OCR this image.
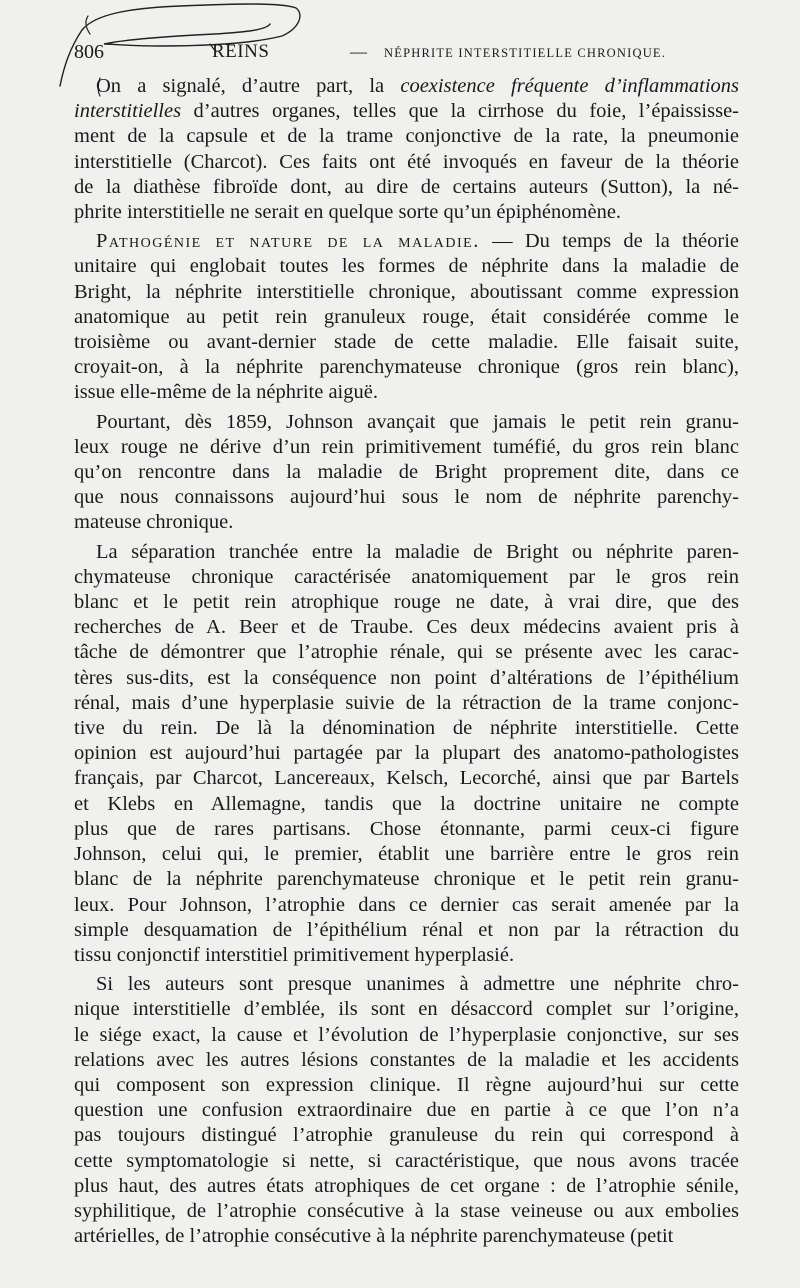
806	REINS	— NÉPHRITE INTERSTITIELLE CHRONIQUE.
On a signalé, d’autre part, la coexistence fréquente d’inflammations
interstitielles d’autres organes, telles que la cirrhose du foie, l’épaississe-
ment de la capsule et de la trame conjonctive de la rate, la pneumonie
interstitielle (Charcot). Ces faits ont été invoqués en faveur de la théorie
de la diathèse fibroïde dont, au dire de certains auteurs (Sutton), la né-
phrite interstitielle ne serait en quelque sorte qu’un épiphénomène.
Pathogénie et nature de la maladie. — Du temps de la théorie
unitaire qui englobait toutes les formes de néphrite dans la maladie de
Bright, la néphrite interstitielle chronique, aboutissant comme expression
anatomique au petit rein granuleux rouge, était considérée comme le
troisième ou avant-dernier stade de cette maladie. Elle faisait suite,
croyait-on, à la néphrite parenchymateuse chronique (gros rein blanc),
issue elle-même de la néphrite aiguë.
Pourtant, dès 1859, Johnson avançait que jamais le petit rein granu-
leux rouge ne dérive d’un rein primitivement tuméfié, du gros rein blanc
qu’on rencontre dans la maladie de Bright proprement dite, dans ce
que nous connaissons aujourd’hui sous le nom de néphrite parenchy-
mateuse chronique.
La séparation tranchée entre la maladie de Bright ou néphrite paren-
chymateuse chronique caractérisée anatomiquement par le gros rein
blanc et le petit rein atrophique rouge ne date, à vrai dire, que des
recherches de A. Beer et de Traube. Ces deux médecins avaient pris à
tâche de démontrer que l’atrophie rénale, qui se présente avec les carac-
tères sus-dits, est la conséquence non point d’altérations de l’épithélium
rénal, mais d’une hyperplasie suivie de la rétraction de la trame conjonc-
tive du rein. De là la dénomination de néphrite interstitielle. Cette
opinion est aujourd’hui partagée par la plupart des anatomo-pathologistes
français, par Charcot, Lancereaux, Kelsch, Lecorché, ainsi que par Bartels
et Klebs en Allemagne, tandis que la doctrine unitaire ne compte
plus que de rares partisans. Chose étonnante, parmi ceux-ci figure
Johnson, celui qui, le premier, établit une barrière entre le gros rein
blanc de la néphrite parenchymateuse chronique et le petit rein granu-
leux. Pour Johnson, l’atrophie dans ce dernier cas serait amenée par la
simple desquamation de l’épithélium rénal et non par la rétraction du
tissu conjonctif interstitiel primitivement hyperplasié.
Si les auteurs sont presque unanimes à admettre une néphrite chro-
nique interstitielle d’emblée, ils sont en désaccord complet sur l’origine,
le siége exact, la cause et l’évolution de l’hyperplasie conjonctive, sur ses
relations avec les autres lésions constantes de la maladie et les accidents
qui composent son expression clinique. Il règne aujourd’hui sur cette
question une confusion extraordinaire due en partie à ce que l’on n’a
pas toujours distingué l’atrophie granuleuse du rein qui correspond à
cette symptomatologie si nette, si caractéristique, que nous avons tracée
plus haut, des autres états atrophiques de cet organe : de l’atrophie sénile,
syphilitique, de l’atrophie consécutive à la stase veineuse ou aux embolies
artérielles, de l’atrophie consécutive à la néphrite parenchymateuse (petit
